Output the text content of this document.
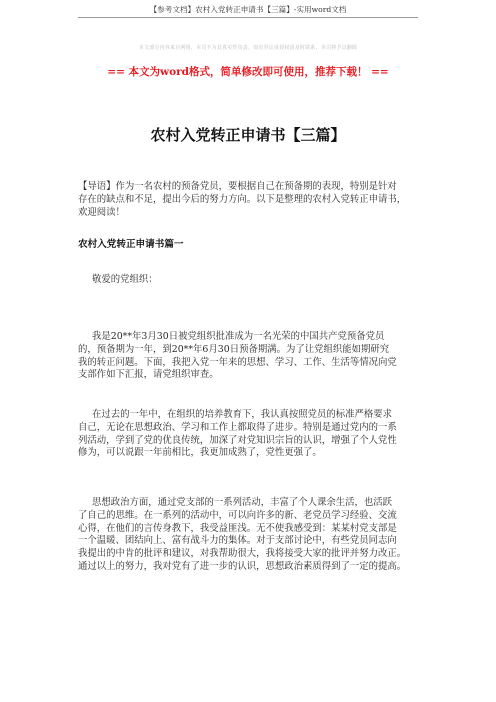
【参考文档】农村入党转正申请书【三篇】-实用word文档
本文部分内容来自网络，本司不为其真实性负责，如有异议或侵权请及时联系，本司将予以删除
== 本文为word格式，简单修改即可使用，推荐下载！ ==
农村入党转正申请书【三篇】
【导语】作为一名农村的预备党员，要根据自己在预备期的表现，特别是针对
存在的缺点和不足，提出今后的努力方向。以下是整理的农村入党转正申请书，
欢迎阅读！
农村入党转正申请书篇一
敬爱的党组织：
我是20**年3月30日被党组织批准成为一名光荣的中国共产党预备党员
的，预备期为一年，到20**年6月30日预备期满。为了让党组织能如期研究
我的转正问题。下面，我把入党一年来的思想、学习、工作、生活等情况向党
支部作如下汇报，请党组织审查。
在过去的一年中，在组织的培养教育下，我认真按照党员的标准严格要求
自己，无论在思想政治、学习和工作上都取得了进步。特别是通过党内的一系
列活动，学到了党的优良传统，加深了对党知识宗旨的认识，增强了个人党性
修为，可以说跟一年前相比，我更加成熟了，党性更强了。
思想政治方面，通过党支部的一系列活动，丰富了个人课余生活，也活跃
了自己的思维。在一系列的活动中，可以向许多的新、老党员学习经验、交流
心得，在他们的言传身教下，我受益匪浅。无不使我感受到：某某村党支部是
一个温暖、团结向上、富有战斗力的集体。对于支部讨论中，有些党员同志向
我提出的中肯的批评和建议，对我帮助很大，我将接受大家的批评并努力改正。
通过以上的努力，我对党有了进一步的认识，思想政治素质得到了一定的提高。
